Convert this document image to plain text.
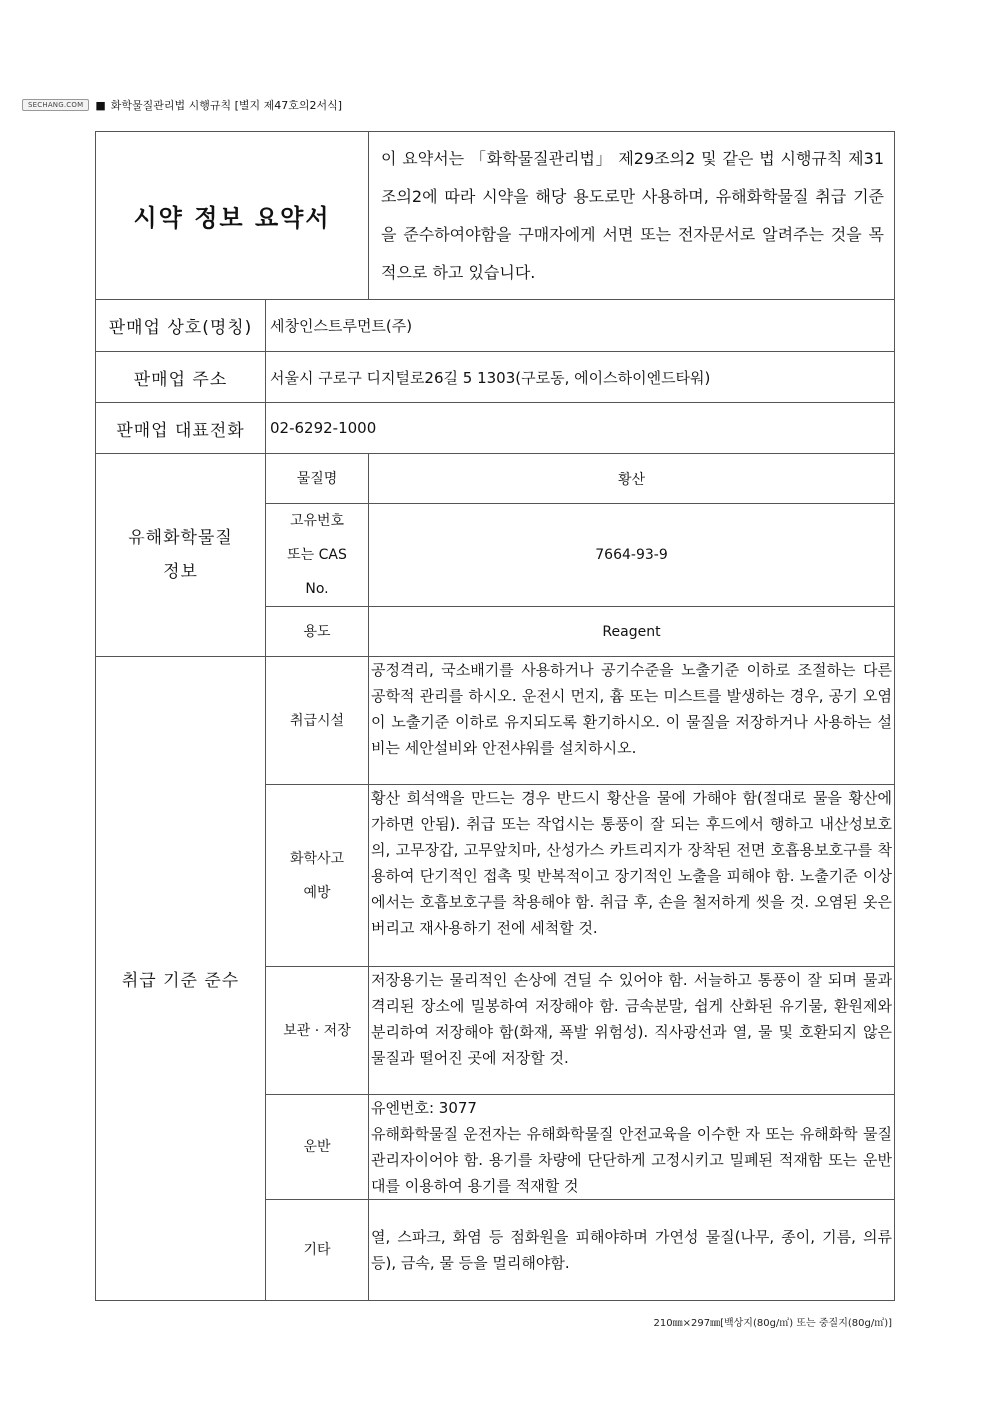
SECHANG.COM	■ 화학물질관리법 시행규칙 [별지 제47호의2서식]
시약 정보 요약서		이 요약서는 「화학물질관리법」 제29조의2 및 같은 법 시행규칙 제31조의2에 따라 시약을 해당 용도로만 사용하며, 유해화학물질 취급 기준을 준수하여야함을 구매자에게 서면 또는 전자문서로 알려주는 것을 목적으로 하고 있습니다.
판매업 상호(명칭)	세창인스트루먼트(주)	
판매업 주소	서울시 구로구 디지털로26길 5 1303(구로동, 에이스하이엔드타워)	
판매업 대표전화	02-6292-1000	

유해화학물질
정보	물질명	황산

	고유번호
또는 CAS
No.	7664-93-9
	용도	Reagent
취급 기준 준수	취급시설	공정격리, 국소배기를 사용하거나 공기수준을 노출기준 이하로 조절하는 다른 공학적 관리를 하시오. 운전시 먼지, 흄 또는 미스트를 발생하는 경우, 공기 오염이 노출기준 이하로 유지되도록 환기하시오. 이 물질을 저장하거나 사용하는 설비는 세안설비와 안전샤워를 설치하시오.

	화학사고
예방	황산 희석액을 만드는 경우 반드시 황산을 물에 가해야 함(절대로 물을 황산에 가하면 안됨). 취급 또는 작업시는 통풍이 잘 되는 후드에서 행하고 내산성보호의, 고무장갑, 고무앞치마, 산성가스 카트리지가 장착된 전면 호흡용보호구를 착용하여 단기적인 접촉 및 반복적이고 장기적인 노출을 피해야 함. 노출기준 이상에서는 호흡보호구를 착용해야 함. 취급 후, 손을 철저하게 씻을 것. 오염된 옷은 버리고 재사용하기 전에 세척할 것.
	보관 · 저장	저장용기는 물리적인 손상에 견딜 수 있어야 함. 서늘하고 통풍이 잘 되며 물과 격리된 장소에 밀봉하여 저장해야 함. 금속분말, 쉽게 산화된 유기물, 환원제와 분리하여 저장해야 함(화재, 폭발 위험성). 직사광선과 열, 물 및 호환되지 않은 물질과 떨어진 곳에 저장할 것.
	운반	유엔번호: 3077
유해화학물질 운전자는 유해화학물질 안전교육을 이수한 자 또는 유해화학 물질관리자이어야 함. 용기를 차량에 단단하게 고정시키고 밀폐된 적재함 또는 운반대를 이용하여 용기를 적재할 것

	기타	열, 스파크, 화염 등 점화원을 피해야하며 가연성 물질(나무, 종이, 기름, 의류 등), 금속, 물 등을 멀리해야함.
210㎜×297㎜[백상지(80g/㎡) 또는 중질지(80g/㎡)]
